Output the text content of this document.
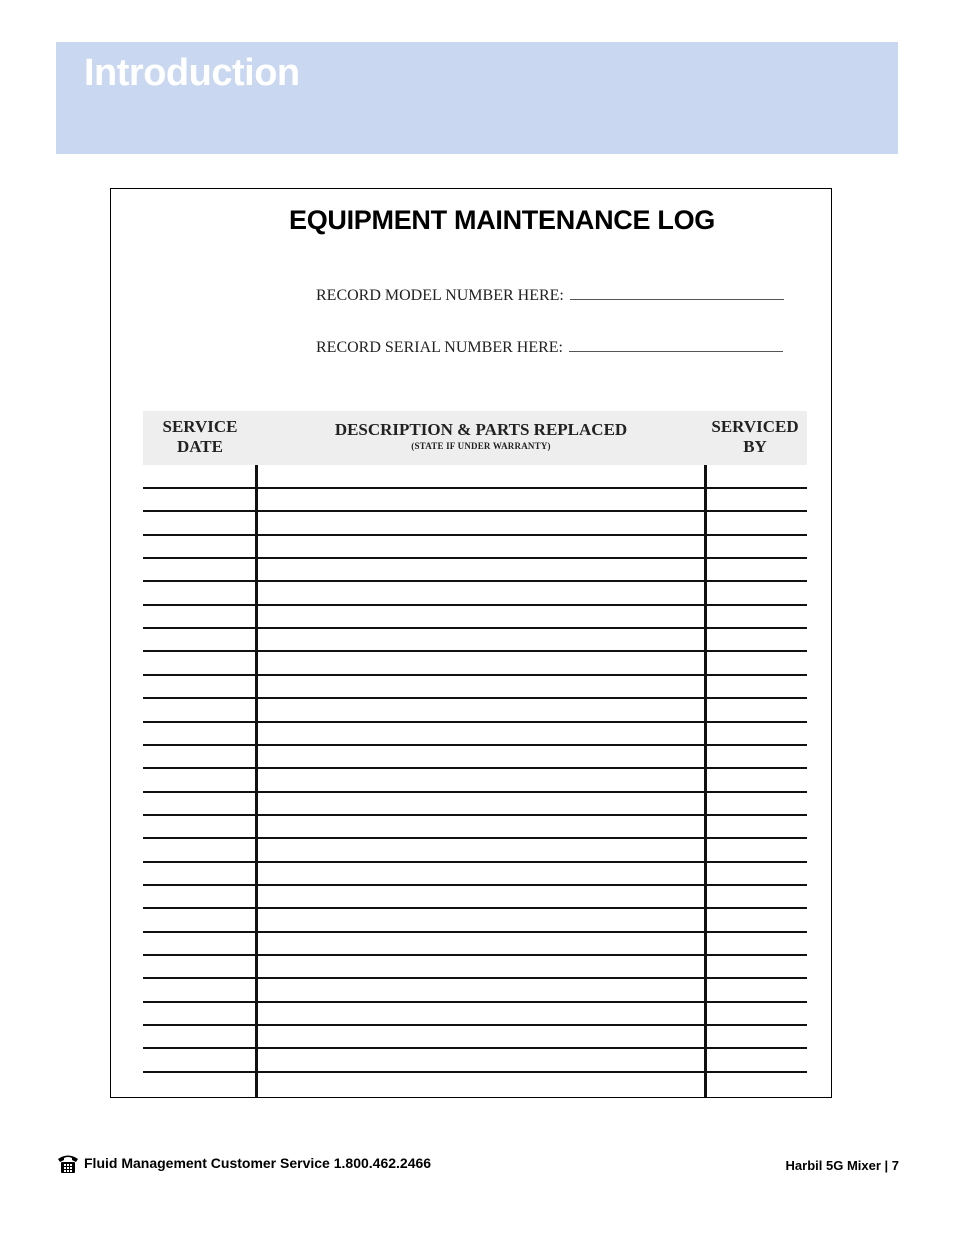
Introduction
EQUIPMENT MAINTENANCE LOG
RECORD MODEL NUMBER HERE:
RECORD SERIAL NUMBER HERE:
SERVICE
DATE
DESCRIPTION & PARTS REPLACED
(STATE IF UNDER WARRANTY)
SERVICED
BY
Fluid Management Customer Service 1.800.462.2466	Harbil 5G Mixer | 7
